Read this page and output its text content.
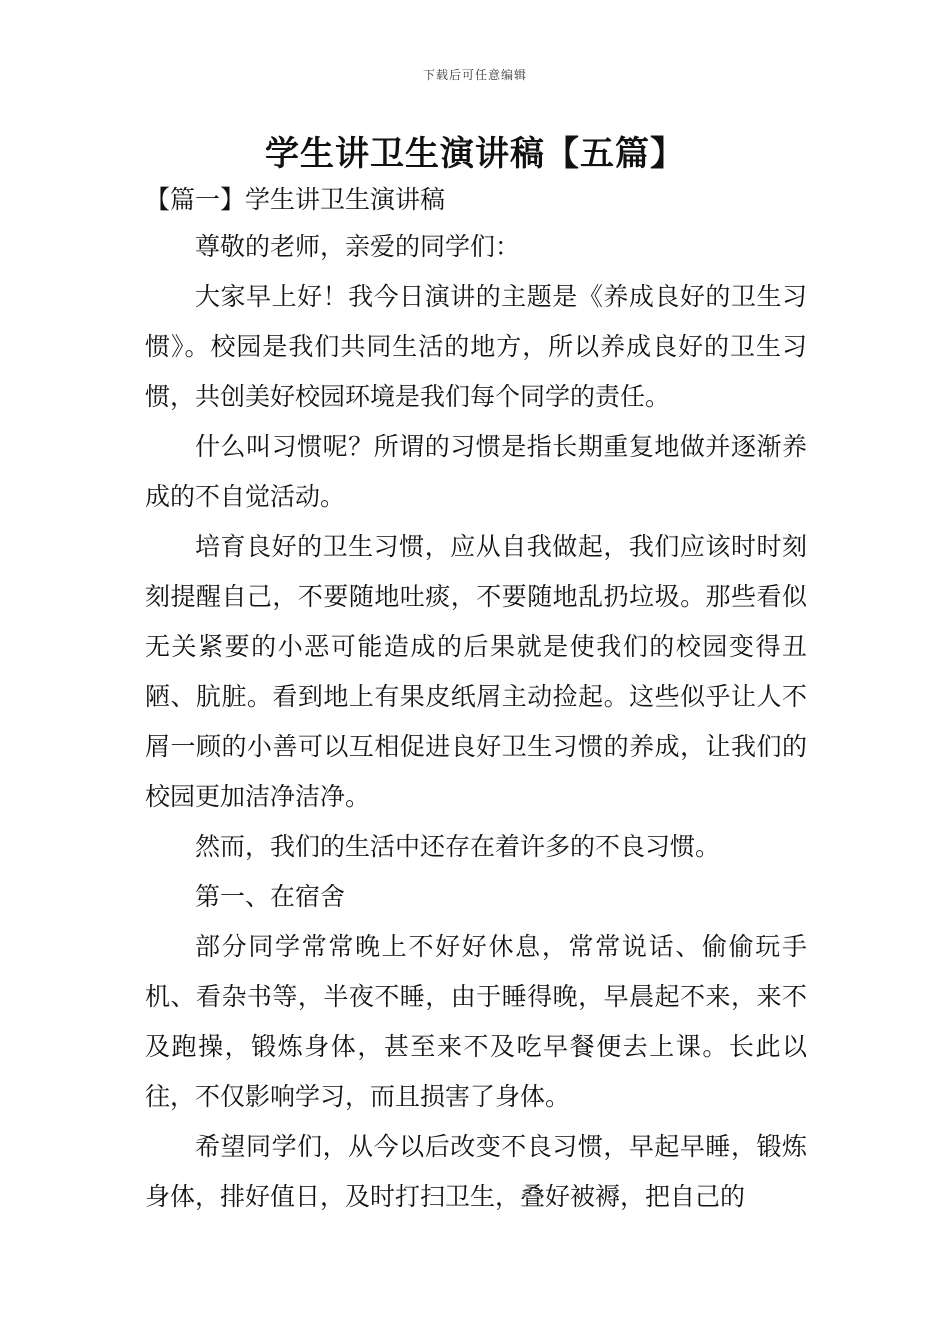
下载后可任意编辑
学生讲卫生演讲稿【五篇】
【篇一】学生讲卫生演讲稿

尊敬的老师，亲爱的同学们：

大家早上好！我今日演讲的主题是《养成良好的卫生习惯》。校园是我们共同生活的地方，所以养成良好的卫生习惯，共创美好校园环境是我们每个同学的责任。

什么叫习惯呢？所谓的习惯是指长期重复地做并逐渐养成的不自觉活动。

培育良好的卫生习惯，应从自我做起，我们应该时时刻刻提醒自己，不要随地吐痰，不要随地乱扔垃圾。那些看似无关紧要的小恶可能造成的后果就是使我们的校园变得丑陋、肮脏。看到地上有果皮纸屑主动捡起。这些似乎让人不屑一顾的小善可以互相促进良好卫生习惯的养成，让我们的校园更加洁净洁净。

然而，我们的生活中还存在着许多的不良习惯。

第一、在宿舍

部分同学常常晚上不好好休息，常常说话、偷偷玩手机、看杂书等，半夜不睡，由于睡得晚，早晨起不来，来不及跑操，锻炼身体，甚至来不及吃早餐便去上课。长此以往，不仅影响学习，而且损害了身体。

希望同学们，从今以后改变不良习惯，早起早睡，锻炼身体，排好值日，及时打扫卫生，叠好被褥，把自己的
